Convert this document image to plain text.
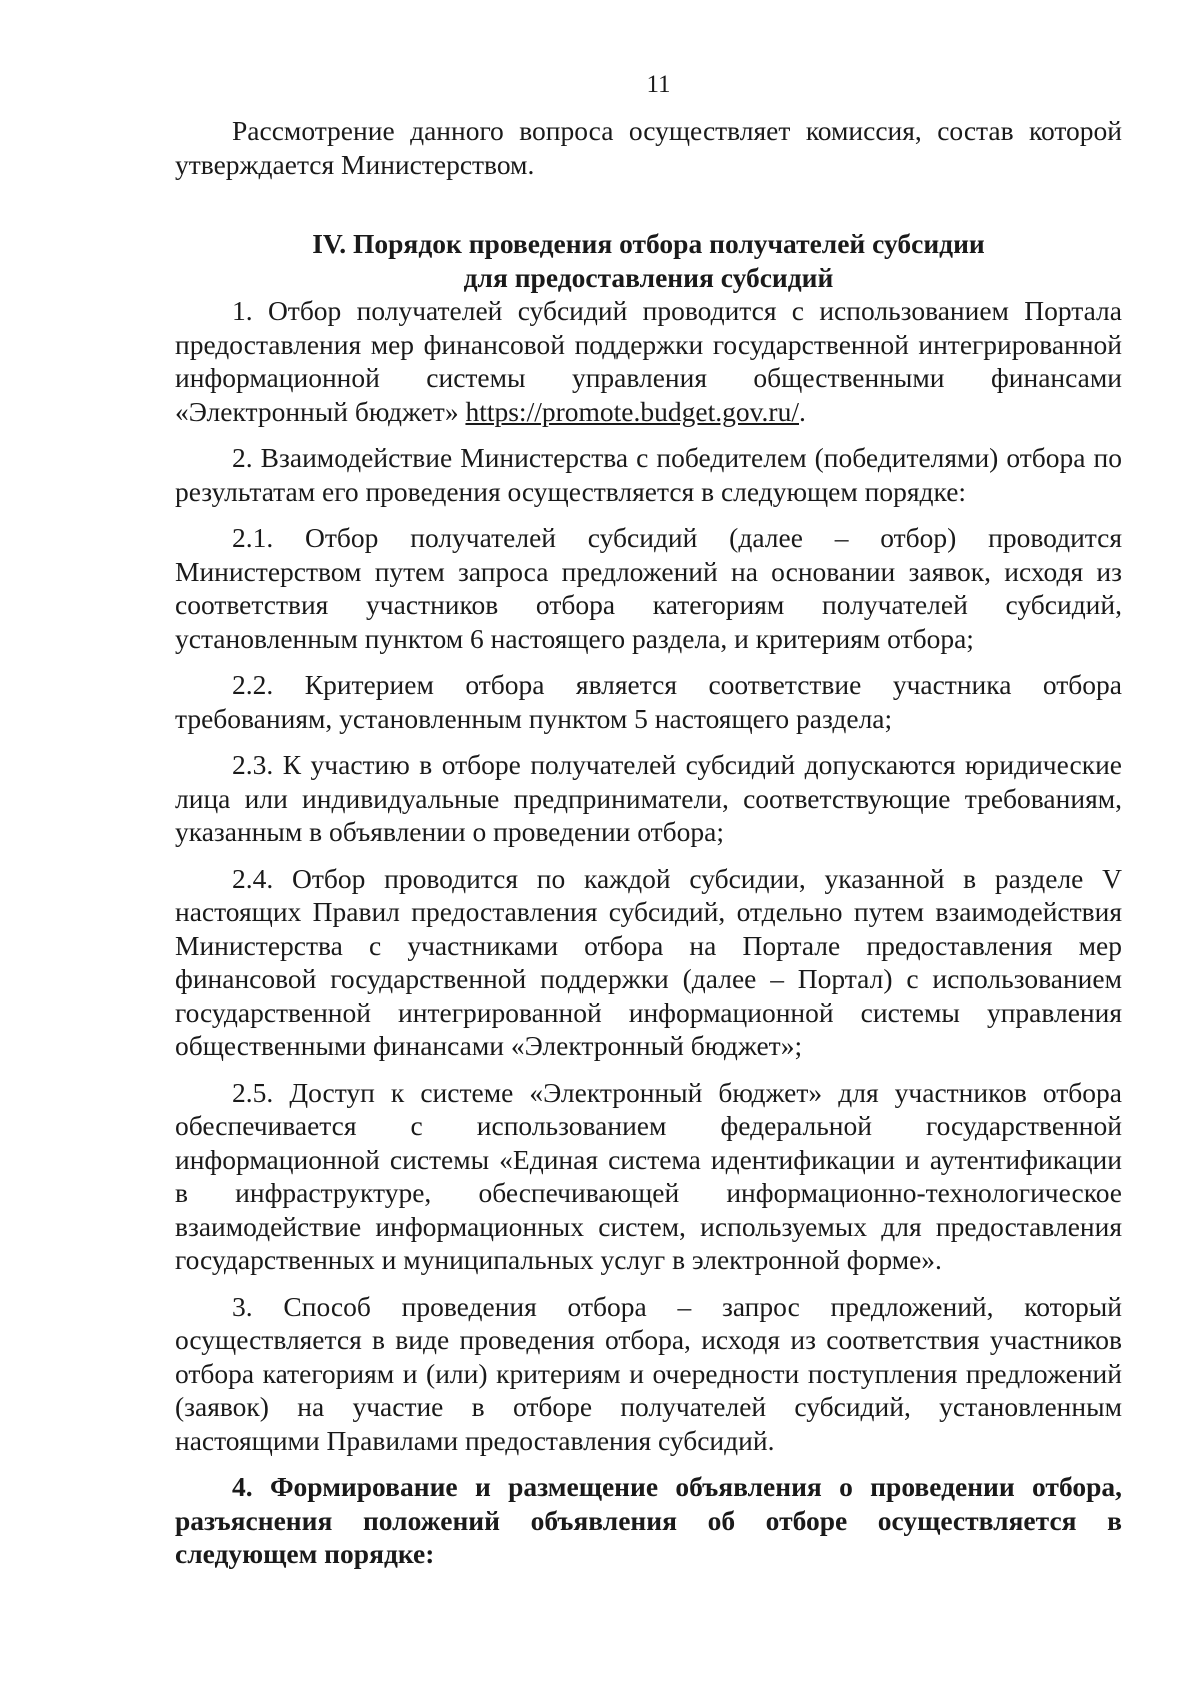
11

Рассмотрение данного вопроса осуществляет комиссия, состав которой утверждается Министерством.

IV. Порядок проведения отбора получателей субсидии
для предоставления субсидий

1. Отбор получателей субсидий проводится с использованием Портала предоставления мер финансовой поддержки государственной интегрированной информационной системы управления общественными финансами «Электронный бюджет» https://promote.budget.gov.ru/.

2. Взаимодействие Министерства с победителем (победителями) отбора по результатам его проведения осуществляется в следующем порядке:

2.1. Отбор получателей субсидий (далее – отбор) проводится Министерством путем запроса предложений на основании заявок, исходя из соответствия участников отбора категориям получателей субсидий, установленным пунктом 6 настоящего раздела, и критериям отбора;

2.2. Критерием отбора является соответствие участника отбора требованиям, установленным пунктом 5 настоящего раздела;

2.3. К участию в отборе получателей субсидий допускаются юридические лица или индивидуальные предприниматели, соответствующие требованиям, указанным в объявлении о проведении отбора;

2.4. Отбор проводится по каждой субсидии, указанной в разделе V настоящих Правил предоставления субсидий, отдельно путем взаимодействия Министерства с участниками отбора на Портале предоставления мер финансовой государственной поддержки (далее – Портал) с использованием государственной интегрированной информационной системы управления общественными финансами «Электронный бюджет»;

2.5. Доступ к системе «Электронный бюджет» для участников отбора обеспечивается с использованием федеральной государственной информационной системы «Единая система идентификации и аутентификации в инфраструктуре, обеспечивающей информационно-технологическое взаимодействие информационных систем, используемых для предоставления государственных и муниципальных услуг в электронной форме».

3. Способ проведения отбора – запрос предложений, который осуществляется в виде проведения отбора, исходя из соответствия участников отбора категориям и (или) критериям и очередности поступления предложений (заявок) на участие в отборе получателей субсидий, установленным настоящими Правилами предоставления субсидий.

4. Формирование и размещение объявления о проведении отбора, разъяснения положений объявления об отборе осуществляется в следующем порядке:
